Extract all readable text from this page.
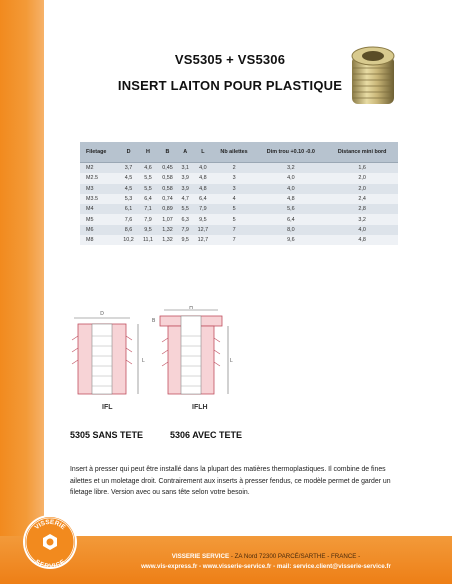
VS5305 + VS5306
INSERT LAITON POUR PLASTIQUE
Filetage	D	H	B	A	L	Nb ailettes	Dim trou +0.10 -0.0	Distance mini bord
M2	3,7	4,6	0,45	3,1	4,0	2	3,2	1,6
M2.5	4,5	5,5	0,58	3,9	4,8	3	4,0	2,0
M3	4,5	5,5	0,58	3,9	4,8	3	4,0	2,0
M3.5	5,3	6,4	0,74	4,7	6,4	4	4,8	2,4
M4	6,1	7,1	0,89	5,5	7,9	5	5,6	2,8
M5	7,6	7,9	1,07	6,3	9,5	5	6,4	3,2
M6	8,6	9,5	1,32	7,9	12,7	7	8,0	4,0
M8	10,2	11,1	1,32	9,5	12,7	7	9,6	4,8
D
L
H
B
L
IFL	IFLH
5305 SANS TETE	5306 AVEC TETE
Insert à presser qui peut être installé dans la plupart des matières thermoplastiques. Il combine de fines ailettes et un moletage droit. Contrairement aux inserts à presser fendus, ce modèle permet de garder un filetage libre. Version avec ou sans tête selon votre besoin.
VISSERIE
SERVICE
VISSERIE SERVICE - ZA Nord 72300 PARCÉ/SARTHE - FRANCE -
www.vis-express.fr - www.visserie-service.fr - mail: service.client@visserie-service.fr
